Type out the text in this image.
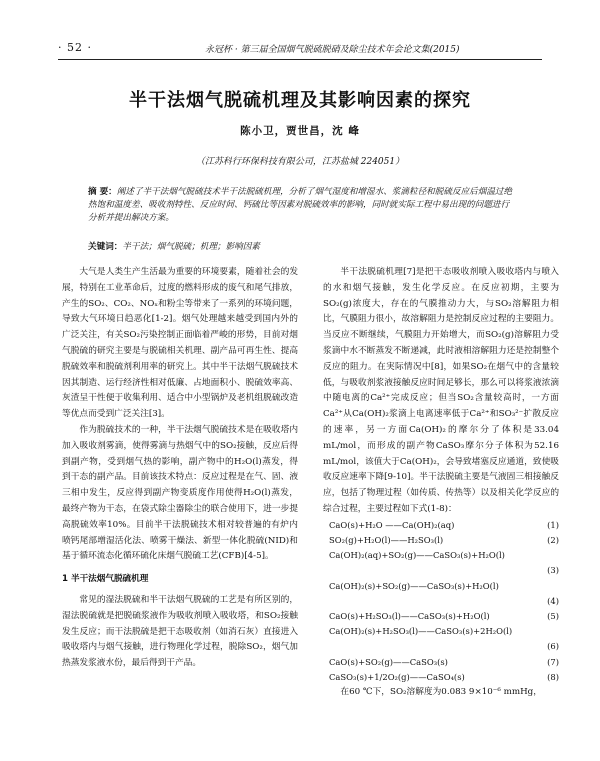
· 52 ·	永冠杯 · 第三届全国烟气脱硫脱硝及除尘技术年会论文集(2015)
半干法烟气脱硫机理及其影响因素的探究
陈小卫，贾世昌，沈 峰
（江苏科行环保科技有限公司，江苏盐城 224051）
摘 要：阐述了半干法烟气脱硫技术半干法脱硫机理，分析了烟气湿度和增湿水、浆滴粒径和脱硫反应后烟温过绝热饱和温度差、吸收剂特性、反应时间、钙硫比等因素对脱硫效率的影响，同时就实际工程中易出现的问题进行分析并提出解决方案。
关键词：半干法；烟气脱硫；机理；影响因素

大气是人类生产生活最为重要的环境要素，随着社会的发展，特别在工业革命后，过度的燃料形成的废气和尾气排放，产生的SO₂、CO₂、NOₓ和粉尘等带来了一系列的环境问题，导致大气环境日趋恶化[1-2]。烟气处理越来越受到国内外的广泛关注，有关SO₂污染控制正面临着严峻的形势，目前对烟气脱硫的研究主要是与脱硫相关机理、副产品可再生性、提高脱硫效率和脱硫剂利用率的研究上。其中半干法烟气脱硫技术因其制造、运行经济性相对低廉、占地面积小、脱硫效率高、灰渣呈干性便于收集利用、适合中小型锅炉及老机组脱硫改造等优点而受到广泛关注[3]。

作为脱硫技术的一种，半干法烟气脱硫技术是在吸收塔内加入吸收剂雾滴，使得雾滴与热烟气中的SO₂接触，反应后得到副产物，受到烟气热的影响，副产物中的H₂O(l)蒸发，得到干态的副产品。目前该技术特点：反应过程是在气、固、液三相中发生，反应得到副产物变质度作用使得H₂O(l)蒸发，最终产物为干态，在袋式除尘器除尘的联合使用下，进一步提高脱硫效率10%。目前半干法脱硫技术相对较普遍的有炉内喷钙尾部增湿活化法、喷雾干燥法、新型一体化脱硫(NID)和基于循环流态化循环硫化床烟气脱硫工艺(CFB)[4-5]。

1 半干法烟气脱硫机理

常见的湿法脱硫和半干法烟气脱硫的工艺是有所区别的，湿法脱硫就是把脱硫浆液作为吸收剂喷入吸收塔，和SO₂接触发生反应；而干法脱硫是把干态吸收剂（如消石灰）直接进入吸收塔内与烟气接触，进行物理化学过程，脱除SO₂，烟气加热蒸发浆液水份，最后得到干产品。

半干法脱硫机理[7]是把干态吸收剂喷入吸收塔内与喷入的水和烟气接触，发生化学反应。在反应初期，主要为SO₂(g)浓度大，存在的气膜推动力大，与SO₂溶解阻力相比，气膜阻力很小，故溶解阻力是控制反应过程的主要阻力。当反应不断继续，气膜阻力开始增大，而SO₂(g)溶解阻力受浆滴中水不断蒸发不断递减，此时液相溶解阻力还是控制整个反应的阻力。在実际情况中[8]，如果SO₂在烟气中的含量较低，与吸收剂浆液接触反应时间足够长，那么可以将浆液浓滴中随电离的Ca²⁺完成反应；但当SO₂含量较高时，一方面Ca²⁺从Ca(OH)₂浆滴上电离速率低于Ca²⁺和SO₃²⁻扩散反应的速率，另一方面Ca(OH)₂的摩尔分了体积是33.04 mL/mol，而形成的副产物CaSO₃摩尔分子体积为52.16 mL/mol，该值大于Ca(OH)₂，会导致堵塞反应通道，致使吸收反应速率下降[9-10]。半干法脱硫主要是气液固三相接触反应，包括了物理过程（如传质、传热等）以及相关化学反应的综合过程，主要过程如下式(1-8)：

CaO(s)+H₂O ——Ca(OH)₂(aq)	(1)
SO₂(g)+H₂O(l)——H₂SO₃(l)	(2)
Ca(OH)₂(aq)+SO₂(g)——CaSO₃(s)+H₂O(l)
(3)
Ca(OH)₂(s)+SO₂(g)——CaSO₃(s)+H₂O(l)
(4)
CaO(s)+H₂SO₃(l)——CaSO₃(s)+H₂O(l)	(5)
Ca(OH)₂(s)+H₂SO₃(l)——CaSO₃(s)+2H₂O(l)
(6)
CaO(s)+SO₂(g)——CaSO₃(s)	(7)
CaSO₃(s)+1/2O₂(g)——CaSO₄(s)	(8)

在60 ℃下，SO₂溶解度为0.083 9×10⁻⁶ mmHg，
